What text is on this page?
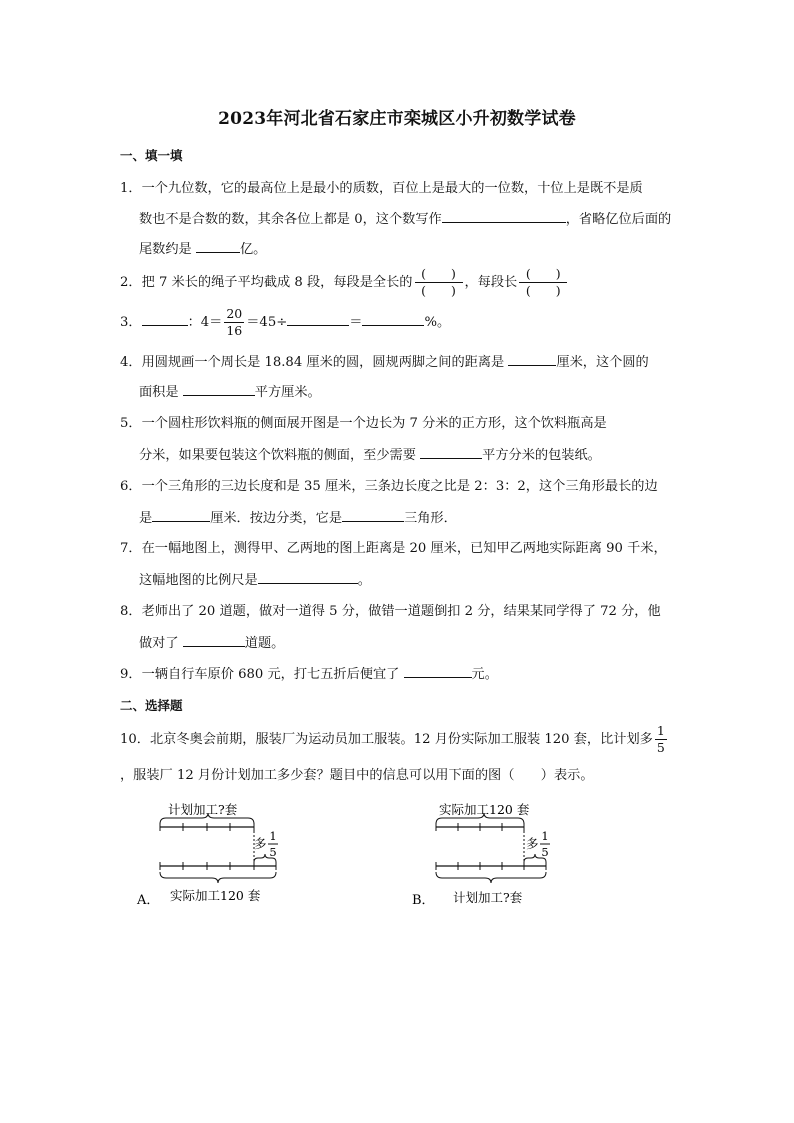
2023年河北省石家庄市栾城区小升初数学试卷
一、填一填
1．一个九位数，它的最高位上是最小的质数，百位上是最大的一位数，十位上是既不是质
数也不是合数的数，其余各位上都是 0，这个数写作	，省略亿位后面的
尾数约是	亿。
2．把 7 米长的绳子平均截成 8 段，每段是全长的 $\frac{( )}{( )}$ ，每段长 $\frac{( )}{( )}$
3．	：$4= \frac{20}{16} =45\div$	＝	%。
4．用圆规画一个周长是 18.84 厘米的圆，圆规两脚之间的距离是	厘米，这个圆的
面积是	平方厘米。
5．一个圆柱形饮料瓶的侧面展开图是一个边长为 7 分米的正方形，这个饮料瓶高是
分米，如果要包装这个饮料瓶的侧面，至少需要	平方分米的包装纸。
6．一个三角形的三边长度和是 35 厘米，三条边长度之比是 2：3：2，这个三角形最长的边
是	厘米．按边分类，它是	三角形．
7．在一幅地图上，测得甲、乙两地的图上距离是 20 厘米，已知甲乙两地实际距离 90 千米，
这幅地图的比例尺是	。
8．老师出了 20 道题，做对一道得 5 分，做错一道题倒扣 2 分，结果某同学得了 72 分，他
做对了	道题。
9．一辆自行车原价 680 元，打七五折后便宜了	元。
二、选择题
10．北京冬奥会前期，服装厂为运动员加工服装。12 月份实际加工服装 120 套，比计划多 $\frac{1}{5}$
，服装厂 12 月份计划加工多少套？题目中的信息可以用下面的图（　　）表示。
计划加工?套
多 1
5
A． 实际加工120 套
实际加工120 套
多 1
5
B． 计划加工?套
